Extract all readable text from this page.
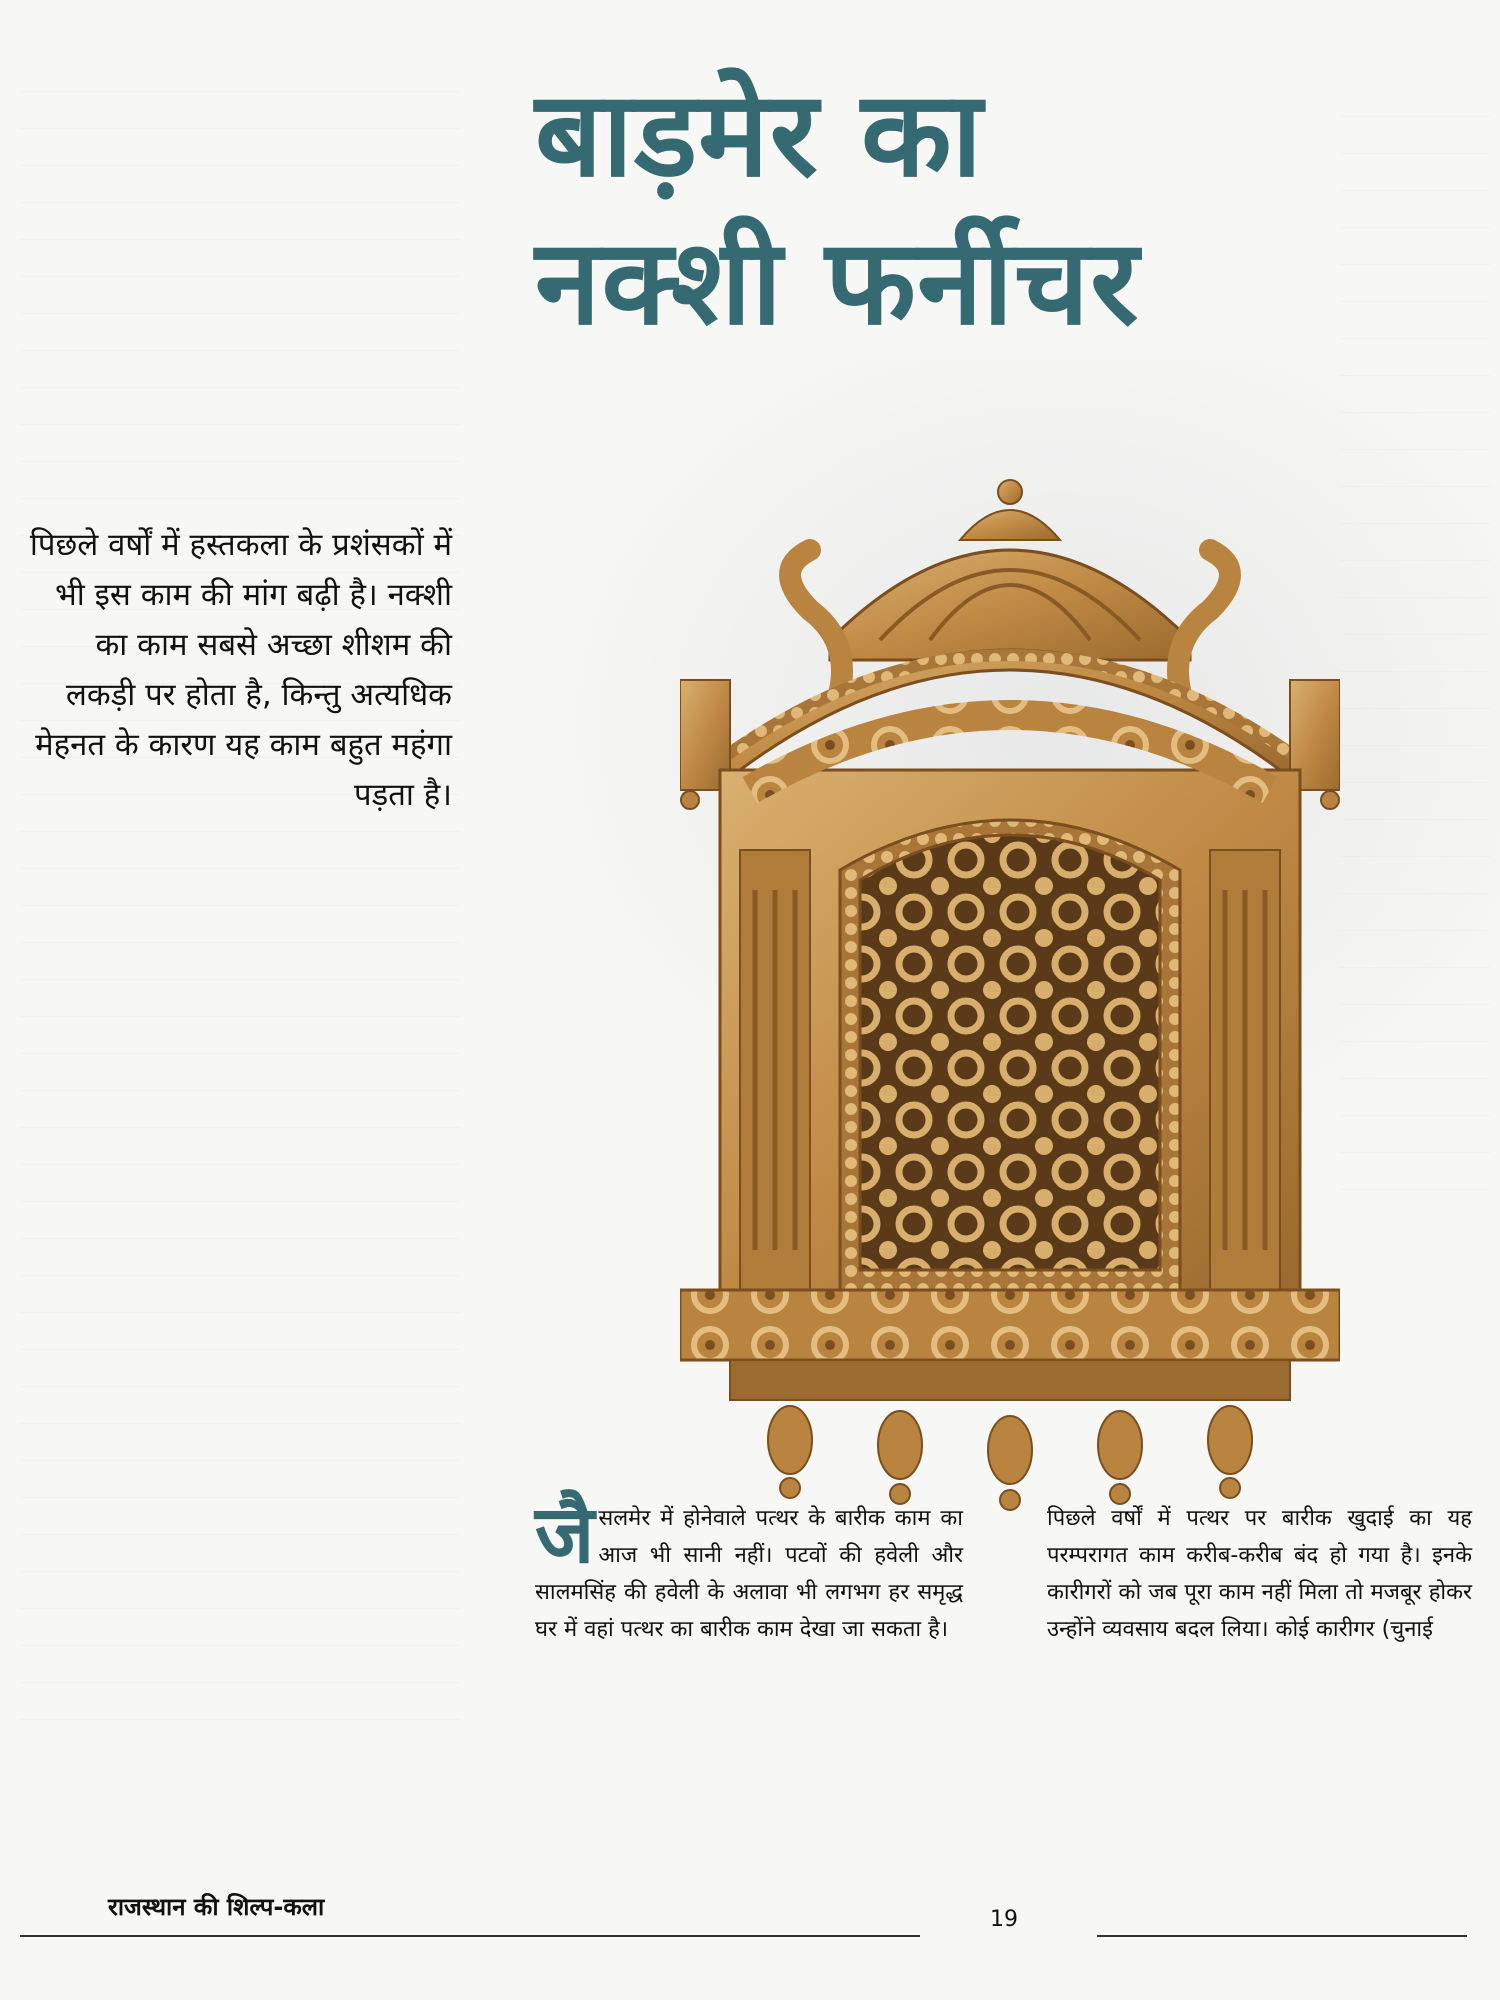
बाड़मेर का
नक्शी फर्नीचर
पिछले वर्षों में हस्तकला के प्रशंसकों में भी इस काम की मांग बढ़ी है। नक्शी का काम सबसे अच्छा शीशम की लकड़ी पर होता है, किन्तु अत्यधिक मेहनत के कारण यह काम बहुत महंगा पड़ता है।
जैसलमेर में होनेवाले पत्थर के बारीक काम का आज भी सानी नहीं। पटवों की हवेली और सालमसिंह की हवेली के अलावा भी लगभग हर समृद्ध घर में वहां पत्थर का बारीक काम देखा जा सकता है।
पिछले वर्षों में पत्थर पर बारीक खुदाई का यह परम्परागत काम करीब-करीब बंद हो गया है। इनके कारीगरों को जब पूरा काम नहीं मिला तो मजबूर होकर उन्होंने व्यवसाय बदल लिया। कोई कारीगर (चुनाई
राजस्थान की शिल्प-कला	19
